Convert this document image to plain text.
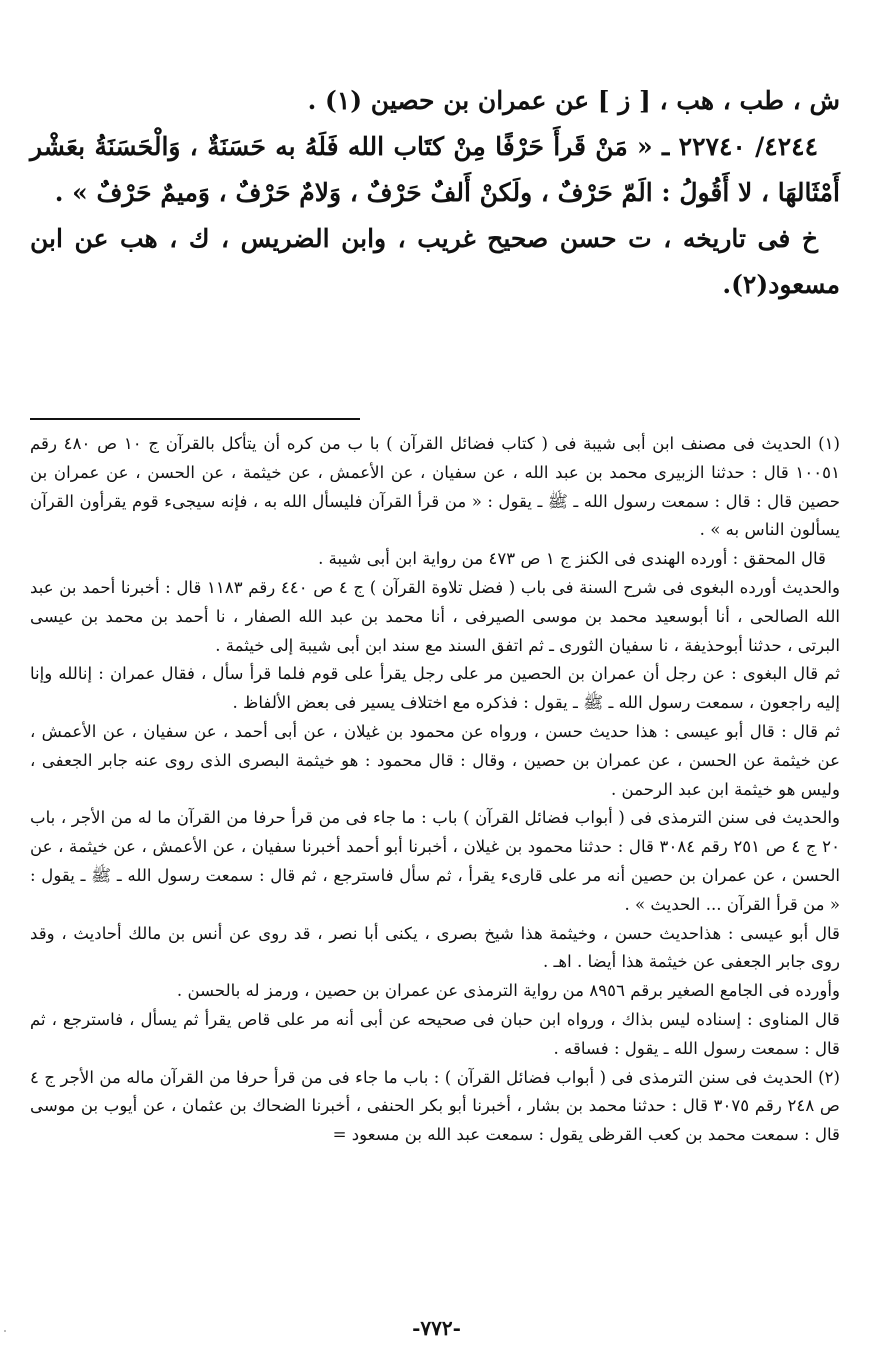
ش ، طب ، هب ، [ ز ] عن عمران بن حصين (١) .

٤٢٤٤/ ٢٢٧٤٠ ـ « مَنْ قَرأَ حَرْفًا مِنْ كتَاب الله فَلَهُ به حَسَنَةٌ ، وَالْحَسَنَةُ بعَشْر أَمْثَالهَا ، لا أَقُولُ : الَمّ حَرْفٌ ، ولَكنْ أَلفٌ حَرْفٌ ، وَلامٌ حَرْفٌ ، وَميمٌ حَرْفٌ » .

خ فى تاريخه ، ت حسن صحيح غريب ، وابن الضريس ، ك ، هب عن ابن مسعود(٢).

(١) الحديث فى مصنف ابن أبى شيبة فى ( كتاب فضائل القرآن ) با ب من كره أن يتأكل بالقرآن ج ١٠ ص ٤٨٠ رقم ١٠٠٥١ قال : حدثنا الزبيرى محمد بن عبد الله ، عن سفيان ، عن الأعمش ، عن خيثمة ، عن الحسن ، عن عمران بن حصين قال : قال : سمعت رسول الله ـ ﷺ ـ يقول : « من قرأ القرآن فليسأل الله به ، فإنه سيجىء قوم يقرأون القرآن يسألون الناس به » .

قال المحقق : أورده الهندى فى الكنز ج ١ ص ٤٧٣ من رواية ابن أبى شيبة .

والحديث أورده البغوى فى شرح السنة فى باب ( فضل تلاوة القرآن ) ج ٤ ص ٤٤٠ رقم ١١٨٣ قال : أخبرنا أحمد بن عبد الله الصالحى ، أنا أبوسعيد محمد بن موسى الصيرفى ، أنا محمد بن عبد الله الصفار ، نا أحمد بن محمد بن عيسى البرتى ، حدثنا أبوحذيفة ، نا سفيان الثورى ـ ثم اتفق السند مع سند ابن أبى شيبة إلى خيثمة .

ثم قال البغوى : عن رجل أن عمران بن الحصين مر على رجل يقرأ على قوم فلما قرأ سأل ، فقال عمران : إنالله وإنا إليه راجعون ، سمعت رسول الله ـ ﷺ ـ يقول : فذكره مع اختلاف يسير فى بعض الألفاظ .

ثم قال : قال أبو عيسى : هذا حديث حسن ، ورواه عن محمود بن غيلان ، عن أبى أحمد ، عن سفيان ، عن الأعمش ، عن خيثمة عن الحسن ، عن عمران بن حصين ، وقال : قال محمود : هو خيثمة البصرى الذى روى عنه جابر الجعفى ، وليس هو خيثمة ابن عبد الرحمن .

والحديث فى سنن الترمذى فى ( أبواب فضائل القرآن ) باب : ما جاء فى من قرأ حرفا من القرآن ما له من الأجر ، باب ٢٠ ج ٤ ص ٢٥١ رقم ٣٠٨٤ قال : حدثنا محمود بن غيلان ، أخبرنا أبو أحمد أخبرنا سفيان ، عن الأعمش ، عن خيثمة ، عن الحسن ، عن عمران بن حصين أنه مر على قارىء يقرأ ، ثم سأل فاسترجع ، ثم قال : سمعت رسول الله ـ ﷺ ـ يقول : « من قرأ القرآن ... الحديث » .

قال أبو عيسى : هذاحديث حسن ، وخيثمة هذا شيخ بصرى ، يكنى أبا نصر ، قد روى عن أنس بن مالك أحاديث ، وقد روى جابر الجعفى عن خيثمة هذا أيضا . اهـ .

وأورده فى الجامع الصغير برقم ٨٩٥٦ من رواية الترمذى عن عمران بن حصين ، ورمز له بالحسن .

قال المناوى : إسناده ليس بذاك ، ورواه ابن حبان فى صحيحه عن أبى أنه مر على قاص يقرأ ثم يسأل ، فاسترجع ، ثم قال : سمعت رسول الله ـ يقول : فساقه .

(٢) الحديث فى سنن الترمذى فى ( أبواب فضائل القرآن ) : باب ما جاء فى من قرأ حرفا من القرآن ماله من الأجر ج ٤ ص ٢٤٨ رقم ٣٠٧٥ قال : حدثنا محمد بن بشار ، أخبرنا أبو بكر الحنفى ، أخبرنا الضحاك بن عثمان ، عن أيوب بن موسى قال : سمعت محمد بن كعب القرظى يقول : سمعت عبد الله بن مسعود =

-٧٧٢-
